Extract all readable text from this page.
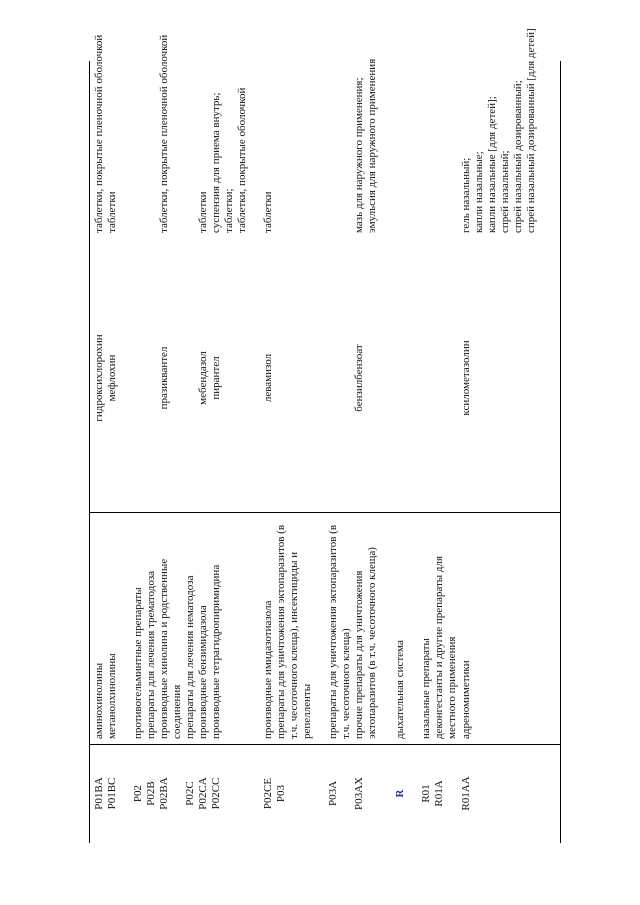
P01BA
аминохинолины
гидроксихлорохин
таблетки, покрытые пленочной оболочкой
P01BC
метанолхинолины
мефлохин
таблетки
P02
противогельминтные препараты
P02B
препараты для лечения трематодоза
P02BA
производные хинолина и родственные соединения
празиквантел
таблетки, покрытые пленочной оболочкой
P02C
препараты для лечения нематодоза
P02CA
производные бензимидазола
мебендазол
таблетки
P02CC
производные тетрагидропиримидина
пирантел
суспензия для приема внутрь; таблетки; таблетки, покрытые оболочкой
P02CE
производные имидазотиазола
левамизол
таблетки
P03
препараты для уничтожения эктопаразитов (в т.ч. чесоточного клеща), инсектициды и репелленты
P03A
препараты для уничтожения эктопаразитов (в т.ч. чесоточного клеща)
P03AX
прочие препараты для уничтожения эктопаразитов (в т.ч. чесоточного клеща)
бензилбензоат
мазь для наружного применения; эмульсия для наружного применения
R
дыхательная система
R01
назальные препараты
R01A
деконгестанты и другие препараты для местного применения
R01AA
адреномиметики
ксилометазолин
гель назальный; капли назальные; капли назальные [для детей]; спрей назальный; спрей назальный дозированный; спрей назальный дозированный [для детей]
